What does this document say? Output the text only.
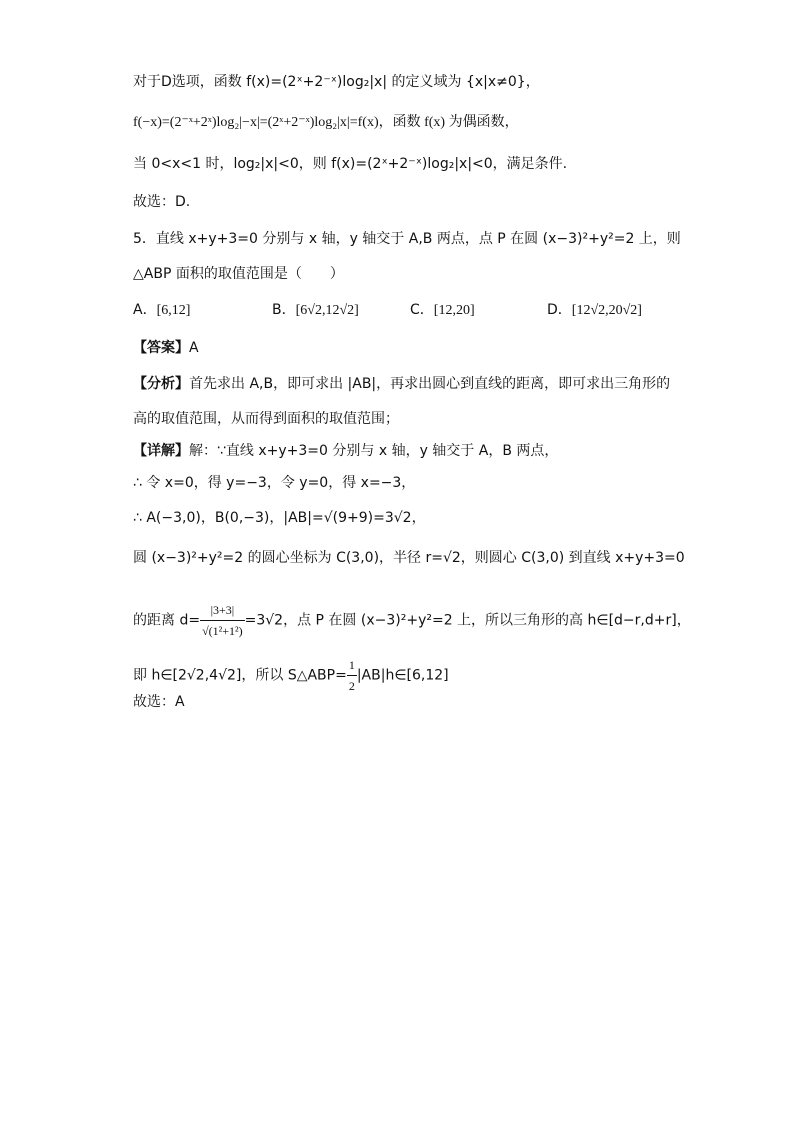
对于D选项，函数 f(x)=(2ˣ+2⁻ˣ)log₂|x| 的定义域为 {x|x≠0}，
f(−x)=(2⁻ˣ+2ˣ)log₂|−x|=(2ˣ+2⁻ˣ)log₂|x|=f(x)，函数 f(x) 为偶函数，
当 0<x<1 时，log₂|x|<0，则 f(x)=(2ˣ+2⁻ˣ)log₂|x|<0，满足条件.
故选：D.
5．直线 x+y+3=0 分别与 x 轴，y 轴交于 A,B 两点，点 P 在圆 (x−3)²+y²=2 上，则
△ABP 面积的取值范围是（　　）
A．[6,12]	B．[6√2,12√2]	C．[12,20]	D．[12√2,20√2]
【答案】A
【分析】首先求出 A,B，即可求出 |AB|，再求出圆心到直线的距离，即可求出三角形的
高的取值范围，从而得到面积的取值范围；
【详解】解：∵直线 x+y+3=0 分别与 x 轴，y 轴交于 A，B 两点，
∴ 令 x=0，得 y=−3，令 y=0，得 x=−3，
∴ A(−3,0)，B(0,−3)，|AB|=√(9+9)=3√2，
圆 (x−3)²+y²=2 的圆心坐标为 C(3,0)，半径 r=√2，则圆心 C(3,0) 到直线 x+y+3=0
的距离 $d= \frac{|3+3|}{\text{√(1²+1²)}} =3√2$，点 P 在圆 (x−3)²+y²=2 上，所以三角形的高 h∈[d−r,d+r]，
即 h∈[2√2,4√2]，所以 S△ABP= $\frac{1}{2}$ |AB|h∈[6,12]
故选：A
